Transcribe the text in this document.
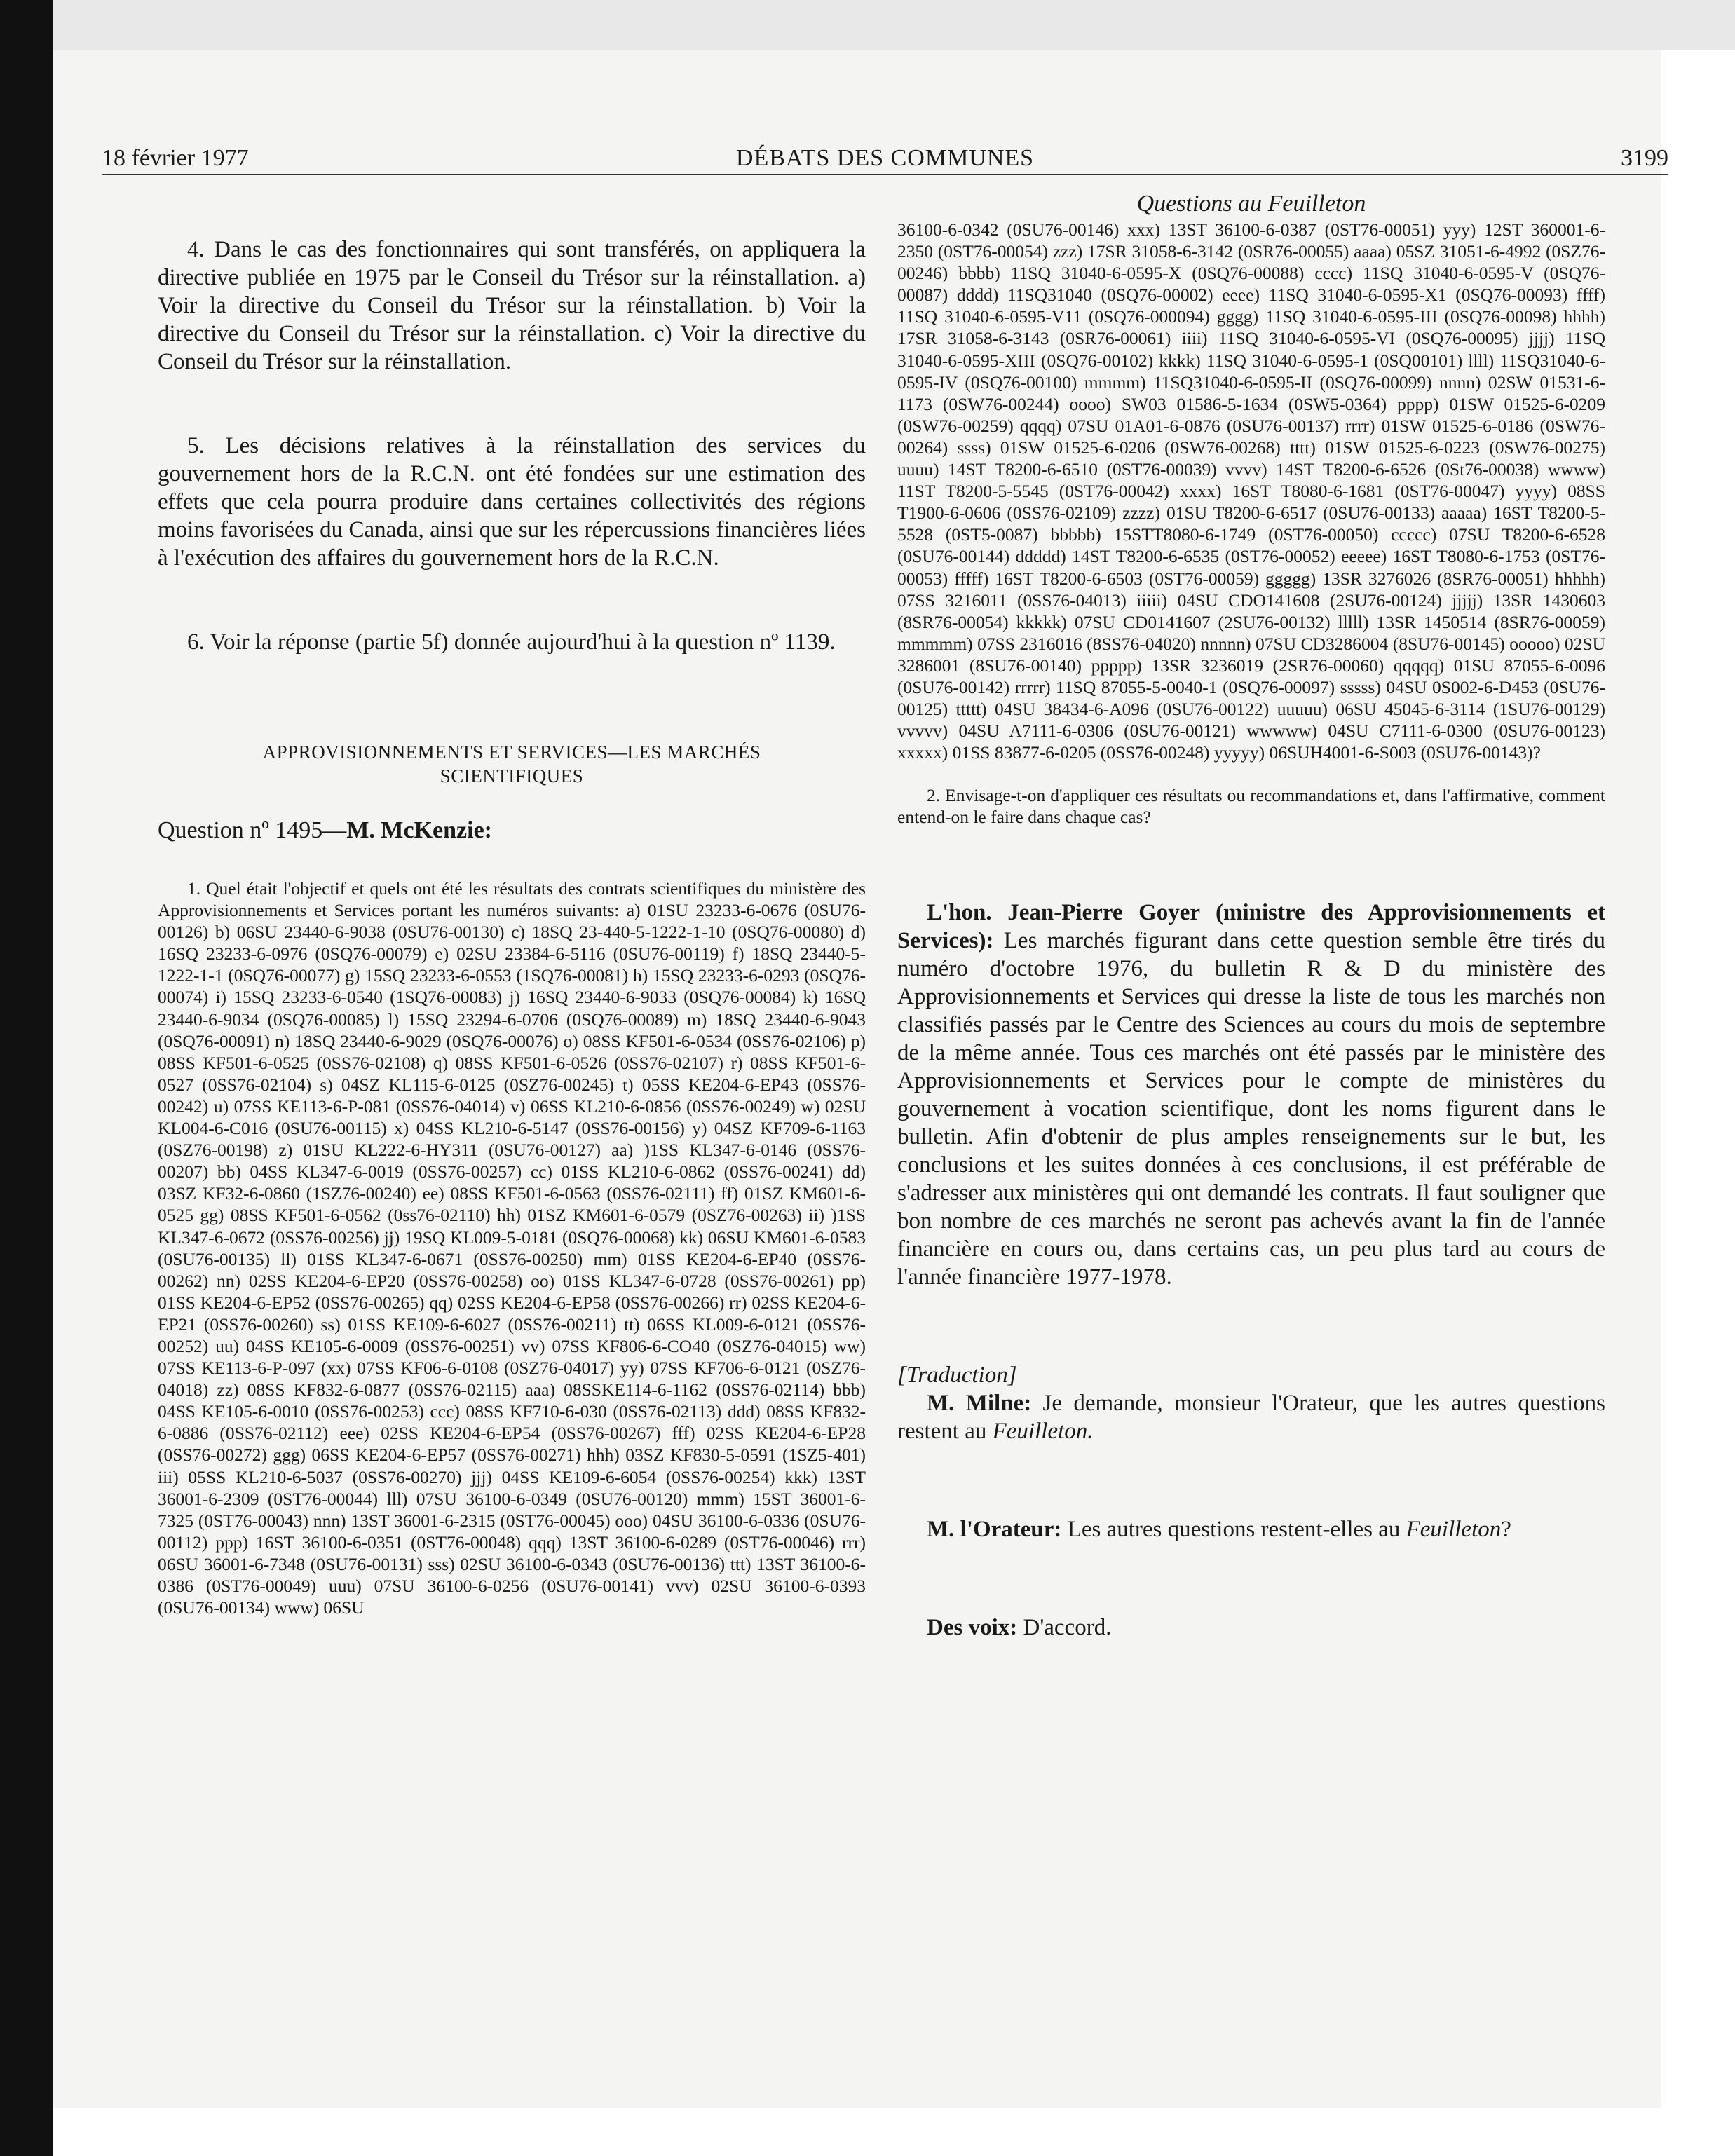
18 février 1977	DÉBATS DES COMMUNES	3199

4. Dans le cas des fonctionnaires qui sont transférés, on appliquera la directive publiée en 1975 par le Conseil du Trésor sur la réinstallation. a) Voir la directive du Conseil du Trésor sur la réinstallation. b) Voir la directive du Conseil du Trésor sur la réinstallation. c) Voir la directive du Conseil du Trésor sur la réinstallation.

5. Les décisions relatives à la réinstallation des services du gouvernement hors de la R.C.N. ont été fondées sur une estimation des effets que cela pourra produire dans certaines collectivités des régions moins favorisées du Canada, ainsi que sur les répercussions financières liées à l'exécution des affaires du gouvernement hors de la R.C.N.

6. Voir la réponse (partie 5f) donnée aujourd'hui à la question nº 1139.

APPROVISIONNEMENTS ET SERVICES—LES MARCHÉS
SCIENTIFIQUES

Question nº 1495—M. McKenzie:

1. Quel était l'objectif et quels ont été les résultats des contrats scientifiques du ministère des Approvisionnements et Services portant les numéros suivants: a) 01SU 23233-6-0676 (0SU76-00126) b) 06SU 23440-6-9038 (0SU76-00130) c) 18SQ 23-440-5-1222-1-10 (0SQ76-00080) d) 16SQ 23233-6-0976 (0SQ76-00079) e) 02SU 23384-6-5116 (0SU76-00119) f) 18SQ 23440-5-1222-1-1 (0SQ76-00077) g) 15SQ 23233-6-0553 (1SQ76-00081) h) 15SQ 23233-6-0293 (0SQ76-00074) i) 15SQ 23233-6-0540 (1SQ76-00083) j) 16SQ 23440-6-9033 (0SQ76-00084) k) 16SQ 23440-6-9034 (0SQ76-00085) l) 15SQ 23294-6-0706 (0SQ76-00089) m) 18SQ 23440-6-9043 (0SQ76-00091) n) 18SQ 23440-6-9029 (0SQ76-00076) o) 08SS KF501-6-0534 (0SS76-02106) p) 08SS KF501-6-0525 (0SS76-02108) q) 08SS KF501-6-0526 (0SS76-02107) r) 08SS KF501-6-0527 (0SS76-02104) s) 04SZ KL115-6-0125 (0SZ76-00245) t) 05SS KE204-6-EP43 (0SS76-00242) u) 07SS KE113-6-P-081 (0SS76-04014) v) 06SS KL210-6-0856 (0SS76-00249) w) 02SU KL004-6-C016 (0SU76-00115) x) 04SS KL210-6-5147 (0SS76-00156) y) 04SZ KF709-6-1163 (0SZ76-00198) z) 01SU KL222-6-HY311 (0SU76-00127) aa) )1SS KL347-6-0146 (0SS76-00207) bb) 04SS KL347-6-0019 (0SS76-00257) cc) 01SS KL210-6-0862 (0SS76-00241) dd) 03SZ KF32-6-0860 (1SZ76-00240) ee) 08SS KF501-6-0563 (0SS76-02111) ff) 01SZ KM601-6-0525 gg) 08SS KF501-6-0562 (0ss76-02110) hh) 01SZ KM601-6-0579 (0SZ76-00263) ii) )1SS KL347-6-0672 (0SS76-00256) jj) 19SQ KL009-5-0181 (0SQ76-00068) kk) 06SU KM601-6-0583 (0SU76-00135) ll) 01SS KL347-6-0671 (0SS76-00250) mm) 01SS KE204-6-EP40 (0SS76-00262) nn) 02SS KE204-6-EP20 (0SS76-00258) oo) 01SS KL347-6-0728 (0SS76-00261) pp) 01SS KE204-6-EP52 (0SS76-00265) qq) 02SS KE204-6-EP58 (0SS76-00266) rr) 02SS KE204-6-EP21 (0SS76-00260) ss) 01SS KE109-6-6027 (0SS76-00211) tt) 06SS KL009-6-0121 (0SS76-00252) uu) 04SS KE105-6-0009 (0SS76-00251) vv) 07SS KF806-6-CO40 (0SZ76-04015) ww) 07SS KE113-6-P-097 (xx) 07SS KF06-6-0108 (0SZ76-04017) yy) 07SS KF706-6-0121 (0SZ76-04018) zz) 08SS KF832-6-0877 (0SS76-02115) aaa) 08SSKE114-6-1162 (0SS76-02114) bbb) 04SS KE105-6-0010 (0SS76-00253) ccc) 08SS KF710-6-030 (0SS76-02113) ddd) 08SS KF832-6-0886 (0SS76-02112) eee) 02SS KE204-6-EP54 (0SS76-00267) fff) 02SS KE204-6-EP28 (0SS76-00272) ggg) 06SS KE204-6-EP57 (0SS76-00271) hhh) 03SZ KF830-5-0591 (1SZ5-401) iii) 05SS KL210-6-5037 (0SS76-00270) jjj) 04SS KE109-6-6054 (0SS76-00254) kkk) 13ST 36001-6-2309 (0ST76-00044) lll) 07SU 36100-6-0349 (0SU76-00120) mmm) 15ST 36001-6-7325 (0ST76-00043) nnn) 13ST 36001-6-2315 (0ST76-00045) ooo) 04SU 36100-6-0336 (0SU76-00112) ppp) 16ST 36100-6-0351 (0ST76-00048) qqq) 13ST 36100-6-0289 (0ST76-00046) rrr) 06SU 36001-6-7348 (0SU76-00131) sss) 02SU 36100-6-0343 (0SU76-00136) ttt) 13ST 36100-6-0386 (0ST76-00049) uuu) 07SU 36100-6-0256 (0SU76-00141) vvv) 02SU 36100-6-0393 (0SU76-00134) www) 06SU

Questions au Feuilleton

36100-6-0342 (0SU76-00146) xxx) 13ST 36100-6-0387 (0ST76-00051) yyy) 12ST 360001-6-2350 (0ST76-00054) zzz) 17SR 31058-6-3142 (0SR76-00055) aaaa) 05SZ 31051-6-4992 (0SZ76-00246) bbbb) 11SQ 31040-6-0595-X (0SQ76-00088) cccc) 11SQ 31040-6-0595-V (0SQ76-00087) dddd) 11SQ31040 (0SQ76-00002) eeee) 11SQ 31040-6-0595-X1 (0SQ76-00093) ffff) 11SQ 31040-6-0595-V11 (0SQ76-000094) gggg) 11SQ 31040-6-0595-III (0SQ76-00098) hhhh) 17SR 31058-6-3143 (0SR76-00061) iiii) 11SQ 31040-6-0595-VI (0SQ76-00095) jjjj) 11SQ 31040-6-0595-XIII (0SQ76-00102) kkkk) 11SQ 31040-6-0595-1 (0SQ00101) llll) 11SQ31040-6-0595-IV (0SQ76-00100) mmmm) 11SQ31040-6-0595-II (0SQ76-00099) nnnn) 02SW 01531-6-1173 (0SW76-00244) oooo) SW03 01586-5-1634 (0SW5-0364) pppp) 01SW 01525-6-0209 (0SW76-00259) qqqq) 07SU 01A01-6-0876 (0SU76-00137) rrrr) 01SW 01525-6-0186 (0SW76-00264) ssss) 01SW 01525-6-0206 (0SW76-00268) tttt) 01SW 01525-6-0223 (0SW76-00275) uuuu) 14ST T8200-6-6510 (0ST76-00039) vvvv) 14ST T8200-6-6526 (0St76-00038) wwww) 11ST T8200-5-5545 (0ST76-00042) xxxx) 16ST T8080-6-1681 (0ST76-00047) yyyy) 08SS T1900-6-0606 (0SS76-02109) zzzz) 01SU T8200-6-6517 (0SU76-00133) aaaaa) 16ST T8200-5-5528 (0ST5-0087) bbbbb) 15STT8080-6-1749 (0ST76-00050) ccccc) 07SU T8200-6-6528 (0SU76-00144) ddddd) 14ST T8200-6-6535 (0ST76-00052) eeeee) 16ST T8080-6-1753 (0ST76-00053) fffff) 16ST T8200-6-6503 (0ST76-00059) ggggg) 13SR 3276026 (8SR76-00051) hhhhh) 07SS 3216011 (0SS76-04013) iiiii) 04SU CDO141608 (2SU76-00124) jjjjj) 13SR 1430603 (8SR76-00054) kkkkk) 07SU CD0141607 (2SU76-00132) lllll) 13SR 1450514 (8SR76-00059) mmmmm) 07SS 2316016 (8SS76-04020) nnnnn) 07SU CD3286004 (8SU76-00145) ooooo) 02SU 3286001 (8SU76-00140) ppppp) 13SR 3236019 (2SR76-00060) qqqqq) 01SU 87055-6-0096 (0SU76-00142) rrrrr) 11SQ 87055-5-0040-1 (0SQ76-00097) sssss) 04SU 0S002-6-D453 (0SU76-00125) ttttt) 04SU 38434-6-A096 (0SU76-00122) uuuuu) 06SU 45045-6-3114 (1SU76-00129) vvvvv) 04SU A7111-6-0306 (0SU76-00121) wwwww) 04SU C7111-6-0300 (0SU76-00123) xxxxx) 01SS 83877-6-0205 (0SS76-00248) yyyyy) 06SUH4001-6-S003 (0SU76-00143)?

2. Envisage-t-on d'appliquer ces résultats ou recommandations et, dans l'affirmative, comment entend-on le faire dans chaque cas?

L'hon. Jean-Pierre Goyer (ministre des Approvisionnements et Services): Les marchés figurant dans cette question semble être tirés du numéro d'octobre 1976, du bulletin R & D du ministère des Approvisionnements et Services qui dresse la liste de tous les marchés non classifiés passés par le Centre des Sciences au cours du mois de septembre de la même année. Tous ces marchés ont été passés par le ministère des Approvisionnements et Services pour le compte de ministères du gouvernement à vocation scientifique, dont les noms figurent dans le bulletin. Afin d'obtenir de plus amples renseignements sur le but, les conclusions et les suites données à ces conclusions, il est préférable de s'adresser aux ministères qui ont demandé les contrats. Il faut souligner que bon nombre de ces marchés ne seront pas achevés avant la fin de l'année financière en cours ou, dans certains cas, un peu plus tard au cours de l'année financière 1977-1978.

[Traduction]

M. Milne: Je demande, monsieur l'Orateur, que les autres questions restent au Feuilleton.

M. l'Orateur: Les autres questions restent-elles au Feuilleton?

Des voix: D'accord.
